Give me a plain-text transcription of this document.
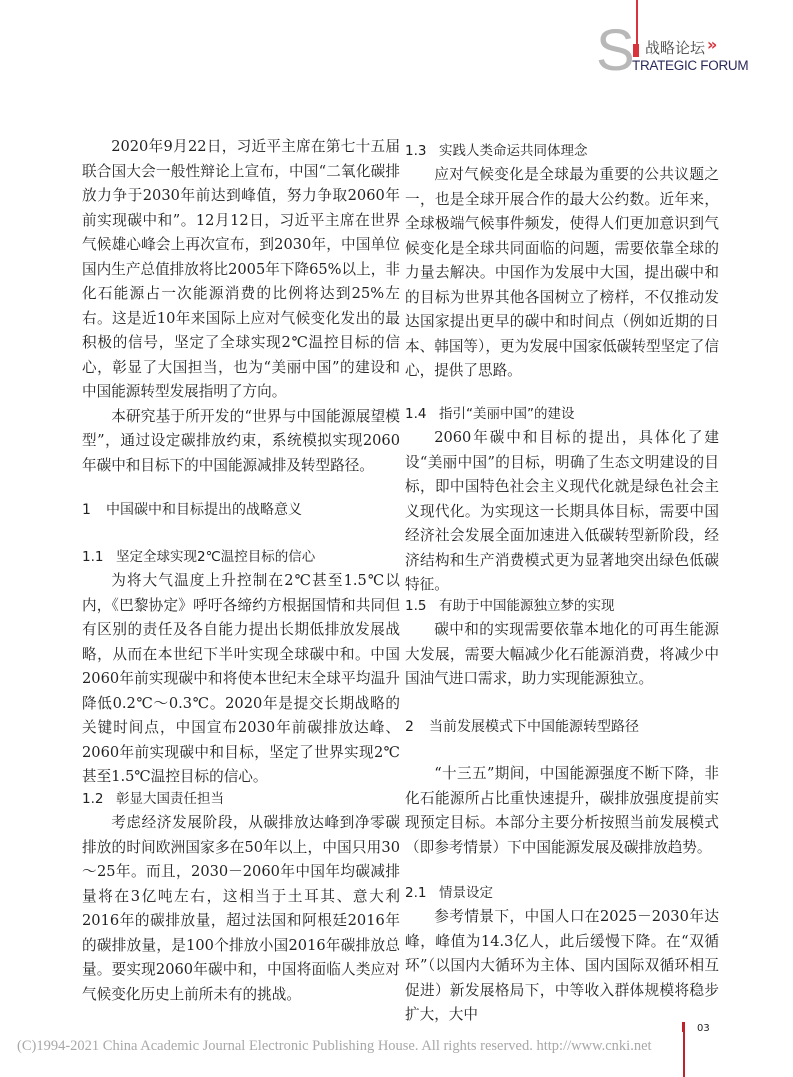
S 战略论坛 »
TRATEGIC FORUM

2020年9月22日，习近平主席在第七十五届联合国大会一般性辩论上宣布，中国“二氧化碳排放力争于2030年前达到峰值，努力争取2060年前实现碳中和”。12月12日，习近平主席在世界气候雄心峰会上再次宣布，到2030年，中国单位国内生产总值排放将比2005年下降65%以上，非化石能源占一次能源消费的比例将达到25%左右。这是近10年来国际上应对气候变化发出的最积极的信号，坚定了全球实现2℃温控目标的信心，彰显了大国担当，也为“美丽中国”的建设和中国能源转型发展指明了方向。

本研究基于所开发的“世界与中国能源展望模型”，通过设定碳排放约束，系统模拟实现2060年碳中和目标下的中国能源减排及转型路径。

1 中国碳中和目标提出的战略意义
1.1 坚定全球实现2℃温控目标的信心

为将大气温度上升控制在2℃甚至1.5℃以内，《巴黎协定》呼吁各缔约方根据国情和共同但有区别的责任及各自能力提出长期低排放发展战略，从而在本世纪下半叶实现全球碳中和。中国2060年前实现碳中和将使本世纪末全球平均温升降低0.2℃～0.3℃。2020年是提交长期战略的关键时间点，中国宣布2030年前碳排放达峰、2060年前实现碳中和目标，坚定了世界实现2℃甚至1.5℃温控目标的信心。

1.2 彰显大国责任担当

考虑经济发展阶段，从碳排放达峰到净零碳排放的时间欧洲国家多在50年以上，中国只用30～25年。而且，2030－2060年中国年均碳减排量将在3亿吨左右，这相当于土耳其、意大利2016年的碳排放量，超过法国和阿根廷2016年的碳排放量，是100个排放小国2016年碳排放总量。要实现2060年碳中和，中国将面临人类应对气候变化历史上前所未有的挑战。

1.3 实践人类命运共同体理念

应对气候变化是全球最为重要的公共议题之一，也是全球开展合作的最大公约数。近年来，全球极端气候事件频发，使得人们更加意识到气候变化是全球共同面临的问题，需要依靠全球的力量去解决。中国作为发展中大国，提出碳中和的目标为世界其他各国树立了榜样，不仅推动发达国家提出更早的碳中和时间点（例如近期的日本、韩国等），更为发展中国家低碳转型坚定了信心，提供了思路。

1.4 指引“美丽中国”的建设

2060年碳中和目标的提出，具体化了建设“美丽中国”的目标，明确了生态文明建设的目标，即中国特色社会主义现代化就是绿色社会主义现代化。为实现这一长期具体目标，需要中国经济社会发展全面加速进入低碳转型新阶段，经济结构和生产消费模式更为显著地突出绿色低碳特征。

1.5 有助于中国能源独立梦的实现

碳中和的实现需要依靠本地化的可再生能源大发展，需要大幅减少化石能源消费，将减少中国油气进口需求，助力实现能源独立。

2 当前发展模式下中国能源转型路径

“十三五”期间，中国能源强度不断下降，非化石能源所占比重快速提升，碳排放强度提前实现预定目标。本部分主要分析按照当前发展模式（即参考情景）下中国能源发展及碳排放趋势。

2.1 情景设定

参考情景下，中国人口在2025－2030年达峰，峰值为14.3亿人，此后缓慢下降。在“双循环”（以国内大循环为主体、国内国际双循环相互促进）新发展格局下，中等收入群体规模将稳步扩大，大中

(C)1994-2021 China Academic Journal Electronic Publishing House. All rights reserved. http://www.cnki.net
03
